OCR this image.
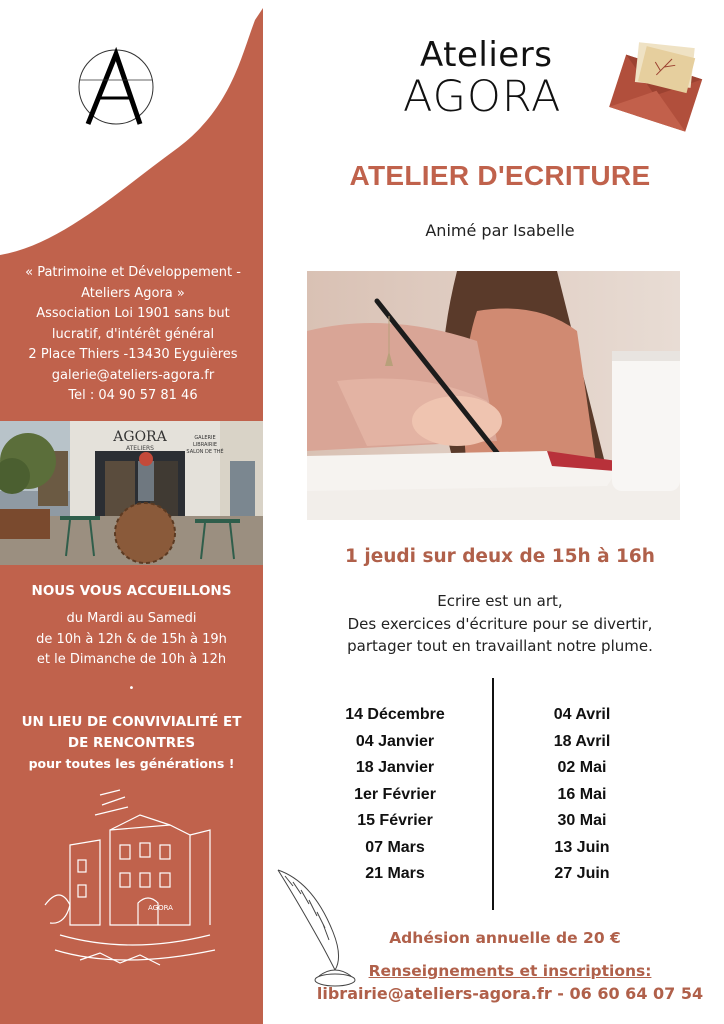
« Patrimoine et Développement -
Ateliers Agora »
Association Loi 1901 sans but
lucratif, d'intérêt général
2 Place Thiers -13430 Eyguières
galerie@ateliers-agora.fr
Tel : 04 90 57 81 46
AGORA
ATELIERS
GALERIE
LIBRAIRIE
SALON DE THÉ
NOUS VOUS ACCUEILLONS
du Mardi au Samedi
de 10h à 12h & de 15h à 19h
et le Dimanche de 10h à 12h
•
UN LIEU DE CONVIVIALITÉ ET
DE RENCONTRES
pour toutes les générations !
AGORA
Ateliers
AGORA
ATELIER D'ECRITURE
Animé par Isabelle
1 jeudi sur deux de 15h à 16h
Ecrire est un art,
Des exercices d'écriture pour se divertir,
partager tout en travaillant notre plume.
14 Décembre
04 Janvier
18 Janvier
1er Février
15 Février
07 Mars
21 Mars
04 Avril
18 Avril
02 Mai
16 Mai
30 Mai
13 Juin
27 Juin
Adhésion annuelle de 20 €
Renseignements et inscriptions:
librairie@ateliers-agora.fr - 06 60 64 07 54
